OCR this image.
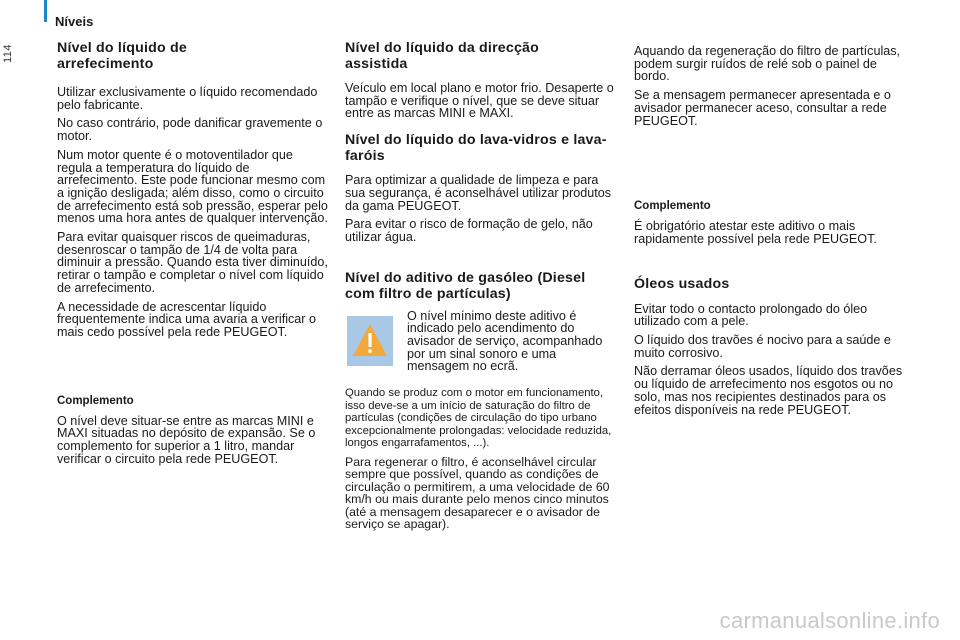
Níveis
114	Nível do líquido de arrefecimento

Utilizar exclusivamente o líquido recomendado pelo fabricante.

No caso contrário, pode danificar gravemente o motor.

Num motor quente é o motoventilador que regula a temperatura do líquido de arrefecimento. Este pode funcionar mesmo com a ignição desligada; além disso, como o circuito de arrefecimento está sob pressão, esperar pelo menos uma hora antes de qualquer intervenção.

Para evitar quaisquer riscos de queimaduras, desenroscar o tampão de 1/4 de volta para diminuir a pressão. Quando esta tiver diminuído, retirar o tampão e completar o nível com líquido de arrefecimento.

A necessidade de acrescentar líquido frequentemente indica uma avaria a verificar o mais cedo possível pela rede PEUGEOT.

Complemento

O nível deve situar-se entre as marcas MINI e MAXI situadas no depósito de expansão. Se o complemento for superior a 1 litro, mandar verificar o circuito pela rede PEUGEOT.

Nível do líquido da direcção assistida

Veículo em local plano e motor frio. Desaperte o tampão e verifique o nível, que se deve situar entre as marcas MINI e MAXI.

Nível do líquido do lava-vidros e lava-faróis

Para optimizar a qualidade de limpeza e para sua segurança, é aconselhável utilizar produtos da gama PEUGEOT.

Para evitar o risco de formação de gelo, não utilizar água.

Nível do aditivo de gasóleo (Diesel com filtro de partículas)

O nível mínimo deste aditivo é indicado pelo acendimento do avisador de serviço, acompanhado por um sinal sonoro e uma mensagem no ecrã.

Quando se produz com o motor em funcionamento, isso deve-se a um início de saturação do filtro de partículas (condições de circulação do tipo urbano excepcionalmente prolongadas: velocidade reduzida, longos engarrafamentos, ...).

Para regenerar o filtro, é aconselhável circular sempre que possível, quando as condições de circulação o permitirem, a uma velocidade de 60 km/h ou mais durante pelo menos cinco minutos (até a mensagem desaparecer e o avisador de serviço se apagar).

Aquando da regeneração do filtro de partículas, podem surgir ruídos de relé sob o painel de bordo.

Se a mensagem permanecer apresentada e o avisador permanecer aceso, consultar a rede PEUGEOT.

Complemento

É obrigatório atestar este aditivo o mais rapidamente possível pela rede PEUGEOT.

Óleos usados

Evitar todo o contacto prolongado do óleo utilizado com a pele.

O líquido dos travões é nocivo para a saúde e muito corrosivo.

Não derramar óleos usados, líquido dos travões ou líquido de arrefecimento nos esgotos ou no solo, mas nos recipientes destinados para os efeitos disponíveis na rede PEUGEOT.

carmanualsonline.info
